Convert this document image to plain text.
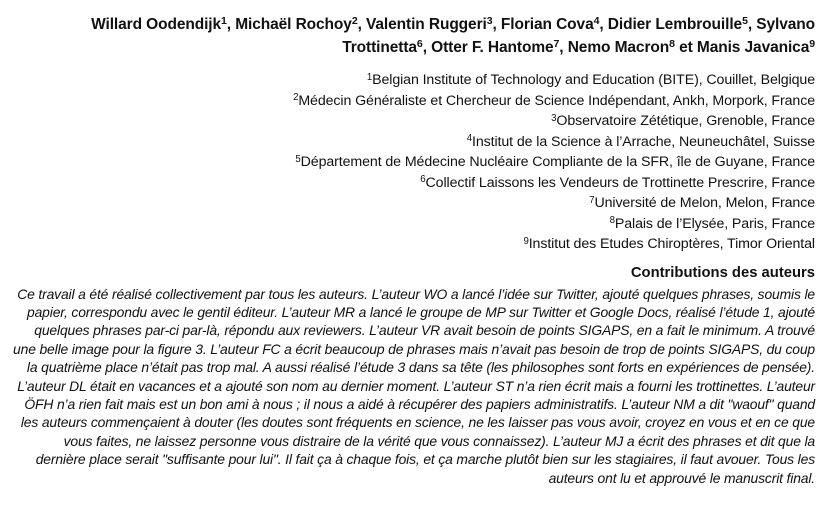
Willard Oodendijk$^1$, Michaël Rochoy$^2$, Valentin Ruggeri$^3$, Florian Cova$^4$, Didier Lembrouille$^5$, Sylvano Trottinetta$^6$, Otter F. Hantome$^7$, Nemo Macron$^8$ et Manis Javanica$^9$
$^1$Belgian Institute of Technology and Education (BITE), Couillet, Belgique
$^2$Médecin Généraliste et Chercheur de Science Indépendant, Ankh, Morpork, France
$^3$Observatoire Zététique, Grenoble, France
$^4$Institut de la Science à l’Arrache, Neuneuchâtel, Suisse
$^5$Département de Médecine Nucléaire Compliante de la SFR, île de Guyane, France
$^6$Collectif Laissons les Vendeurs de Trottinette Prescrire, France
$^7$Université de Melon, Melon, France
$^8$Palais de l’Elysée, Paris, France
$^9$Institut des Etudes Chiroptères, Timor Oriental
Contributions des auteurs

Ce travail a été réalisé collectivement par tous les auteurs. L’auteur WO a lancé l’idée sur Twitter, ajouté quelques phrases, soumis le papier, correspondu avec le gentil éditeur. L’auteur MR a lancé le groupe de MP sur Twitter et Google Docs, réalisé l’étude 1, ajouté quelques phrases par-ci par-là, répondu aux reviewers. L’auteur VR avait besoin de points SIGAPS, en a fait le minimum. A trouvé une belle image pour la figure 3. L’auteur FC a écrit beaucoup de phrases mais n’avait pas besoin de trop de points SIGAPS, du coup la quatrième place n’était pas trop mal. A aussi réalisé l’étude 3 dans sa tête (les philosophes sont forts en expériences de pensée). L’auteur DL était en vacances et a ajouté son nom au dernier moment. L’auteur ST n’a rien écrit mais a fourni les trottinettes. L’auteur ÖFH n’a rien fait mais est un bon ami à nous ; il nous a aidé à récupérer des papiers administratifs. L’auteur NM a dit "waouf" quand les auteurs commençaient à douter (les doutes sont fréquents en science, ne les laisser pas vous avoir, croyez en vous et en ce que vous faites, ne laissez personne vous distraire de la vérité que vous connaissez). L’auteur MJ a écrit des phrases et dit que la dernière place serait "suffisante pour lui". Il fait ça à chaque fois, et ça marche plutôt bien sur les stagiaires, il faut avouer. Tous les auteurs ont lu et approuvé le manuscrit final.
